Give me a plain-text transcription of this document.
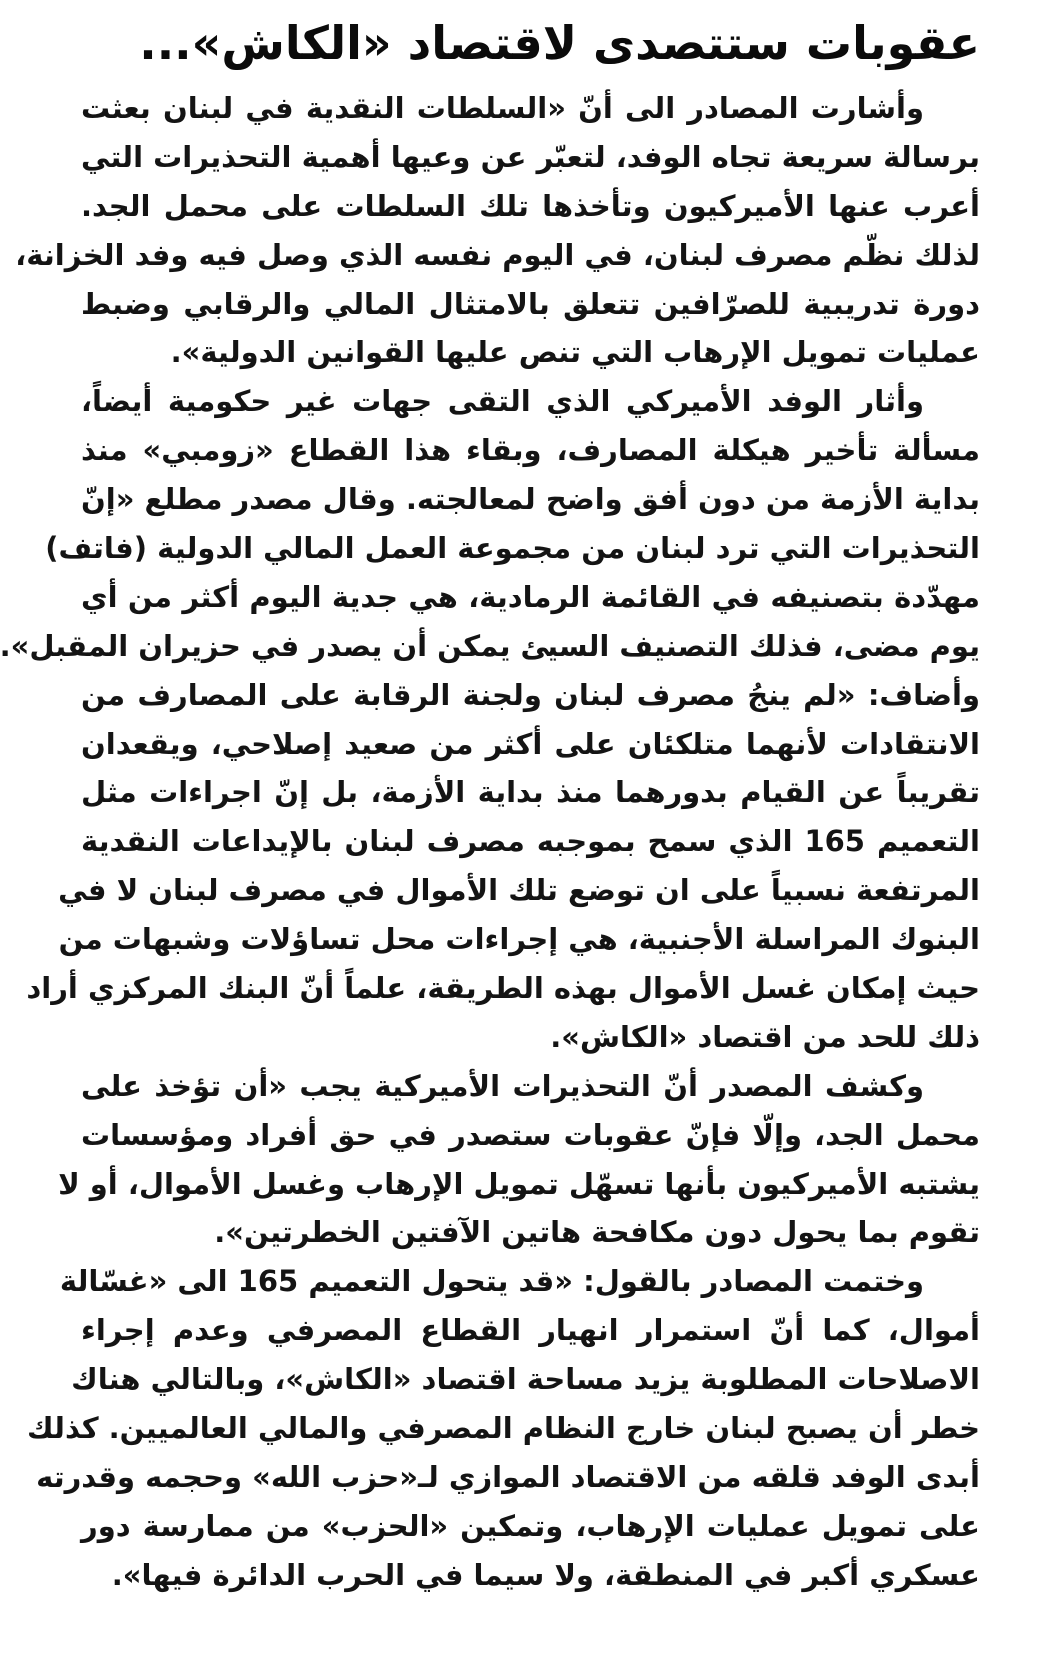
عقوبات ستتصدى لاقتصاد «الكاش»...
وأشارت المصادر الى أنّ «السلطات النقدية في لبنان بعثت
برسالة سريعة تجاه الوفد، لتعبّر عن وعيها أهمية التحذيرات التي
أعرب عنها الأميركيون وتأخذها تلك السلطات على محمل الجد.
لذلك نظّم مصرف لبنان، في اليوم نفسه الذي وصل فيه وفد الخزانة،
دورة تدريبية للصرّافين تتعلق بالامتثال المالي والرقابي وضبط
عمليات تمويل الإرهاب التي تنص عليها القوانين الدولية».
وأثار الوفد الأميركي الذي التقى جهات غير حكومية أيضاً،
مسألة تأخير هيكلة المصارف، وبقاء هذا القطاع «زومبي» منذ
بداية الأزمة من دون أفق واضح لمعالجته. وقال مصدر مطلع «إنّ
التحذيرات التي ترد لبنان من مجموعة العمل المالي الدولية (فاتف)
مهدّدة بتصنيفه في القائمة الرمادية، هي جدية اليوم أكثر من أي
يوم مضى، فذلك التصنيف السيئ يمكن أن يصدر في حزيران المقبل».
وأضاف: «لم ينجُ مصرف لبنان ولجنة الرقابة على المصارف من
الانتقادات لأنهما متلكئان على أكثر من صعيد إصلاحي، ويقعدان
تقريباً عن القيام بدورهما منذ بداية الأزمة، بل إنّ اجراءات مثل
التعميم 165 الذي سمح بموجبه مصرف لبنان بالإيداعات النقدية
المرتفعة نسبياً على ان توضع تلك الأموال في مصرف لبنان لا في
البنوك المراسلة الأجنبية، هي إجراءات محل تساؤلات وشبهات من
حيث إمكان غسل الأموال بهذه الطريقة، علماً أنّ البنك المركزي أراد
ذلك للحد من اقتصاد «الكاش».
وكشف المصدر أنّ التحذيرات الأميركية يجب «أن تؤخذ على
محمل الجد، وإلّا فإنّ عقوبات ستصدر في حق أفراد ومؤسسات
يشتبه الأميركيون بأنها تسهّل تمويل الإرهاب وغسل الأموال، أو لا
تقوم بما يحول دون مكافحة هاتين الآفتين الخطرتين».
وختمت المصادر بالقول: «قد يتحول التعميم 165 الى «غسّالة
أموال، كما أنّ استمرار انهيار القطاع المصرفي وعدم إجراء
الاصلاحات المطلوبة يزيد مساحة اقتصاد «الكاش»، وبالتالي هناك
خطر أن يصبح لبنان خارج النظام المصرفي والمالي العالميين. كذلك
أبدى الوفد قلقه من الاقتصاد الموازي لـ«حزب الله» وحجمه وقدرته
على تمويل عمليات الإرهاب، وتمكين «الحزب» من ممارسة دور
عسكري أكبر في المنطقة، ولا سيما في الحرب الدائرة فيها».
